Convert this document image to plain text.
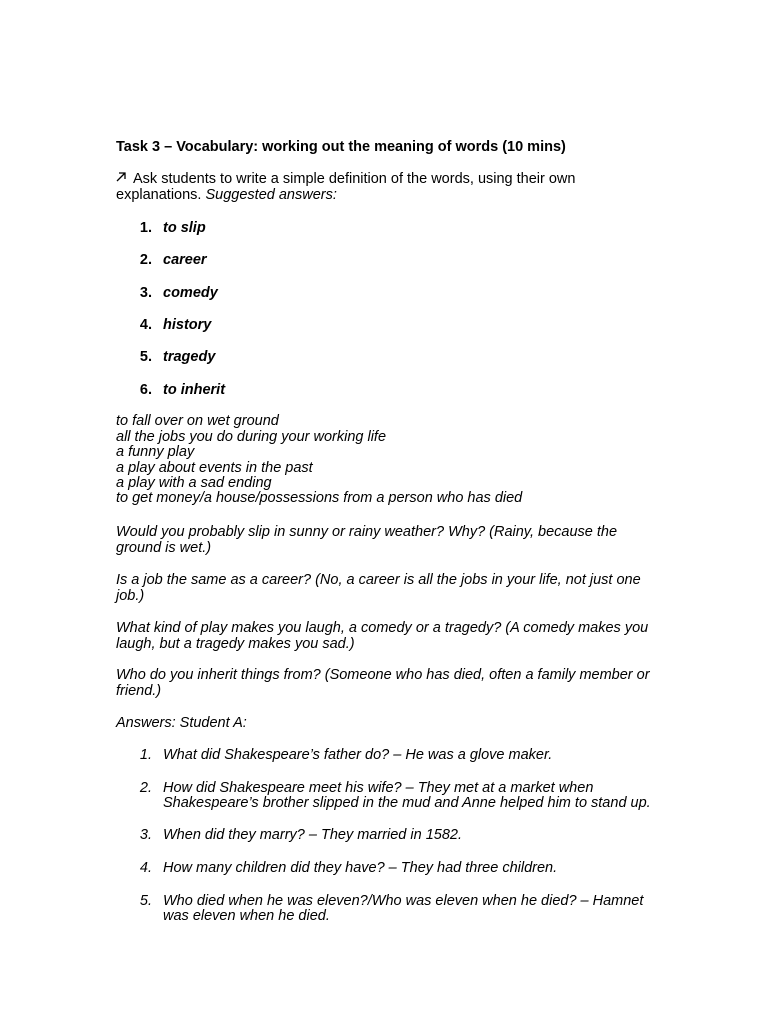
Task 3 – Vocabulary: working out the meaning of words (10 mins)
Ask students to write a simple definition of the words, using their own
explanations. Suggested answers:
1. to slip
2. career
3. comedy
4. history
5. tragedy
6. to inherit
to fall over on wet ground
all the jobs you do during your working life
a funny play
a play about events in the past
a play with a sad ending
to get money/a house/possessions from a person who has died
Would you probably slip in sunny or rainy weather? Why? (Rainy, because the
ground is wet.)
Is a job the same as a career? (No, a career is all the jobs in your life, not just one
job.)
What kind of play makes you laugh, a comedy or a tragedy? (A comedy makes you
laugh, but a tragedy makes you sad.)
Who do you inherit things from? (Someone who has died, often a family member or
friend.)
Answers: Student A:
1. What did Shakespeare’s father do? – He was a glove maker.
2. How did Shakespeare meet his wife? – They met at a market when
Shakespeare’s brother slipped in the mud and Anne helped him to stand up.
3. When did they marry? – They married in 1582.
4. How many children did they have? – They had three children.
5. Who died when he was eleven?/Who was eleven when he died? – Hamnet
was eleven when he died.
